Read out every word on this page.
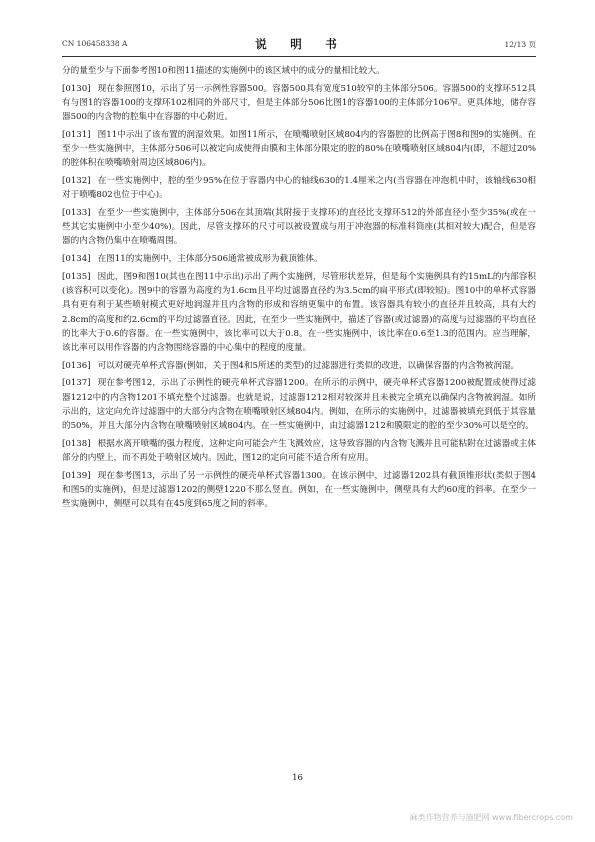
CN 106458338 A	说　明　书	12/13 页

分的量至少与下面参考图10和图11描述的实施例中的该区域中的成分的量相比较大。

[0130] 现在参照图10，示出了另一示例性容器500。容器500具有宽度510较窄的主体部分506。容器500的支撑环512具有与图1的容器100的支撑环102相同的外部尺寸，但是主体部分506比图1的容器100的主体部分106窄。更具体地，储存容器500的内含物的腔集中在容器的中心附近。

[0131] 图11中示出了该布置的润湿效果。如图11所示，在喷嘴喷射区域804内的容器腔的比例高于图8和图9的实施例。在至少一些实施例中，主体部分506可以被定向成使得由膜和主体部分限定的腔的80%在喷嘴喷射区域804内(即，不超过20%的腔体积在喷嘴喷射周边区域806内)。

[0132] 在一些实施例中，腔的至少95%在位于容器内中心的轴线630的1.4厘米之内(当容器在冲泡机中时，该轴线630相对于喷嘴802也位于中心)。

[0133] 在至少一些实施例中，主体部分506在其顶端(其附接于支撑环)的直径比支撑环512的外部直径小至少35%(或在一些其它实施例中小至少40%)。因此，尽管支撑环的尺寸可以被设置成与用于冲泡器的标准料筒座(其相对较大)配合，但是容器的内含物仍集中在喷嘴周围。

[0134] 在图11的实施例中，主体部分506通常被成形为截顶锥体。

[0135] 因此，图9和图10(其也在图11中示出)示出了两个实施例，尽管形状差异，但是每个实施例具有约15mL的内部容积(该容积可以变化)。图9中的容器为高度约为1.6cm且平均过滤器直径约为3.5cm的扁平形式(即较短)。图10中的单杯式容器具有更有利于某些喷射模式更好地润湿并且内含物的形成和容纳更集中的布置。该容器具有较小的直径并且较高，具有大约2.8cm的高度和约2.6cm的平均过滤器直径。因此，在至少一些实施例中，描述了容器(或过滤器)的高度与过滤器的平均直径的比率大于0.6的容器。在一些实施例中，该比率可以大于0.8。在一些实施例中，该比率在0.6至1.3的范围内。应当理解，该比率可以用作容器的内含物围绕容器的中心集中的程度的度量。

[0136] 可以对硬壳单杯式容器(例如，关于图4和5所述的类型)的过滤器进行类似的改进，以确保容器的内含物被润湿。

[0137] 现在参考图12，示出了示例性的硬壳单杯式容器1200。在所示的示例中，硬壳单杯式容器1200被配置成使得过滤器1212中的内含物1201不填充整个过滤器。也就是说，过滤器1212相对较深并且未被完全填充以确保内含物被润湿。如所示出的，这定向允许过滤器中的大部分内含物在喷嘴喷射区域804内。例如，在所示的实施例中，过滤器被填充到低于其容量的50%，并且大部分内含物在喷嘴喷射区域804内。在一些实施例中，由过滤器1212和膜限定的腔的至少30%可以是空的。

[0138] 根据水离开喷嘴的强力程度，这种定向可能会产生飞溅效应，这导致容器的内含物飞溅并且可能粘附在过滤器或主体部分的内壁上，而不再处于喷射区域内。因此，图12的定向可能不适合所有应用。

[0139] 现在参考图13，示出了另一示例性的硬壳单杯式容器1300。在该示例中，过滤器1202具有截顶锥形状(类似于图4和图5的实施例)，但是过滤器1202的侧壁1220不那么竖直。例如，在一些实施例中，侧壁具有大约60度的斜率。在至少一些实施例中，侧壁可以具有在45度到65度之间的斜率。

16
麻类作物营养与施肥网 www.fibercrops.com
